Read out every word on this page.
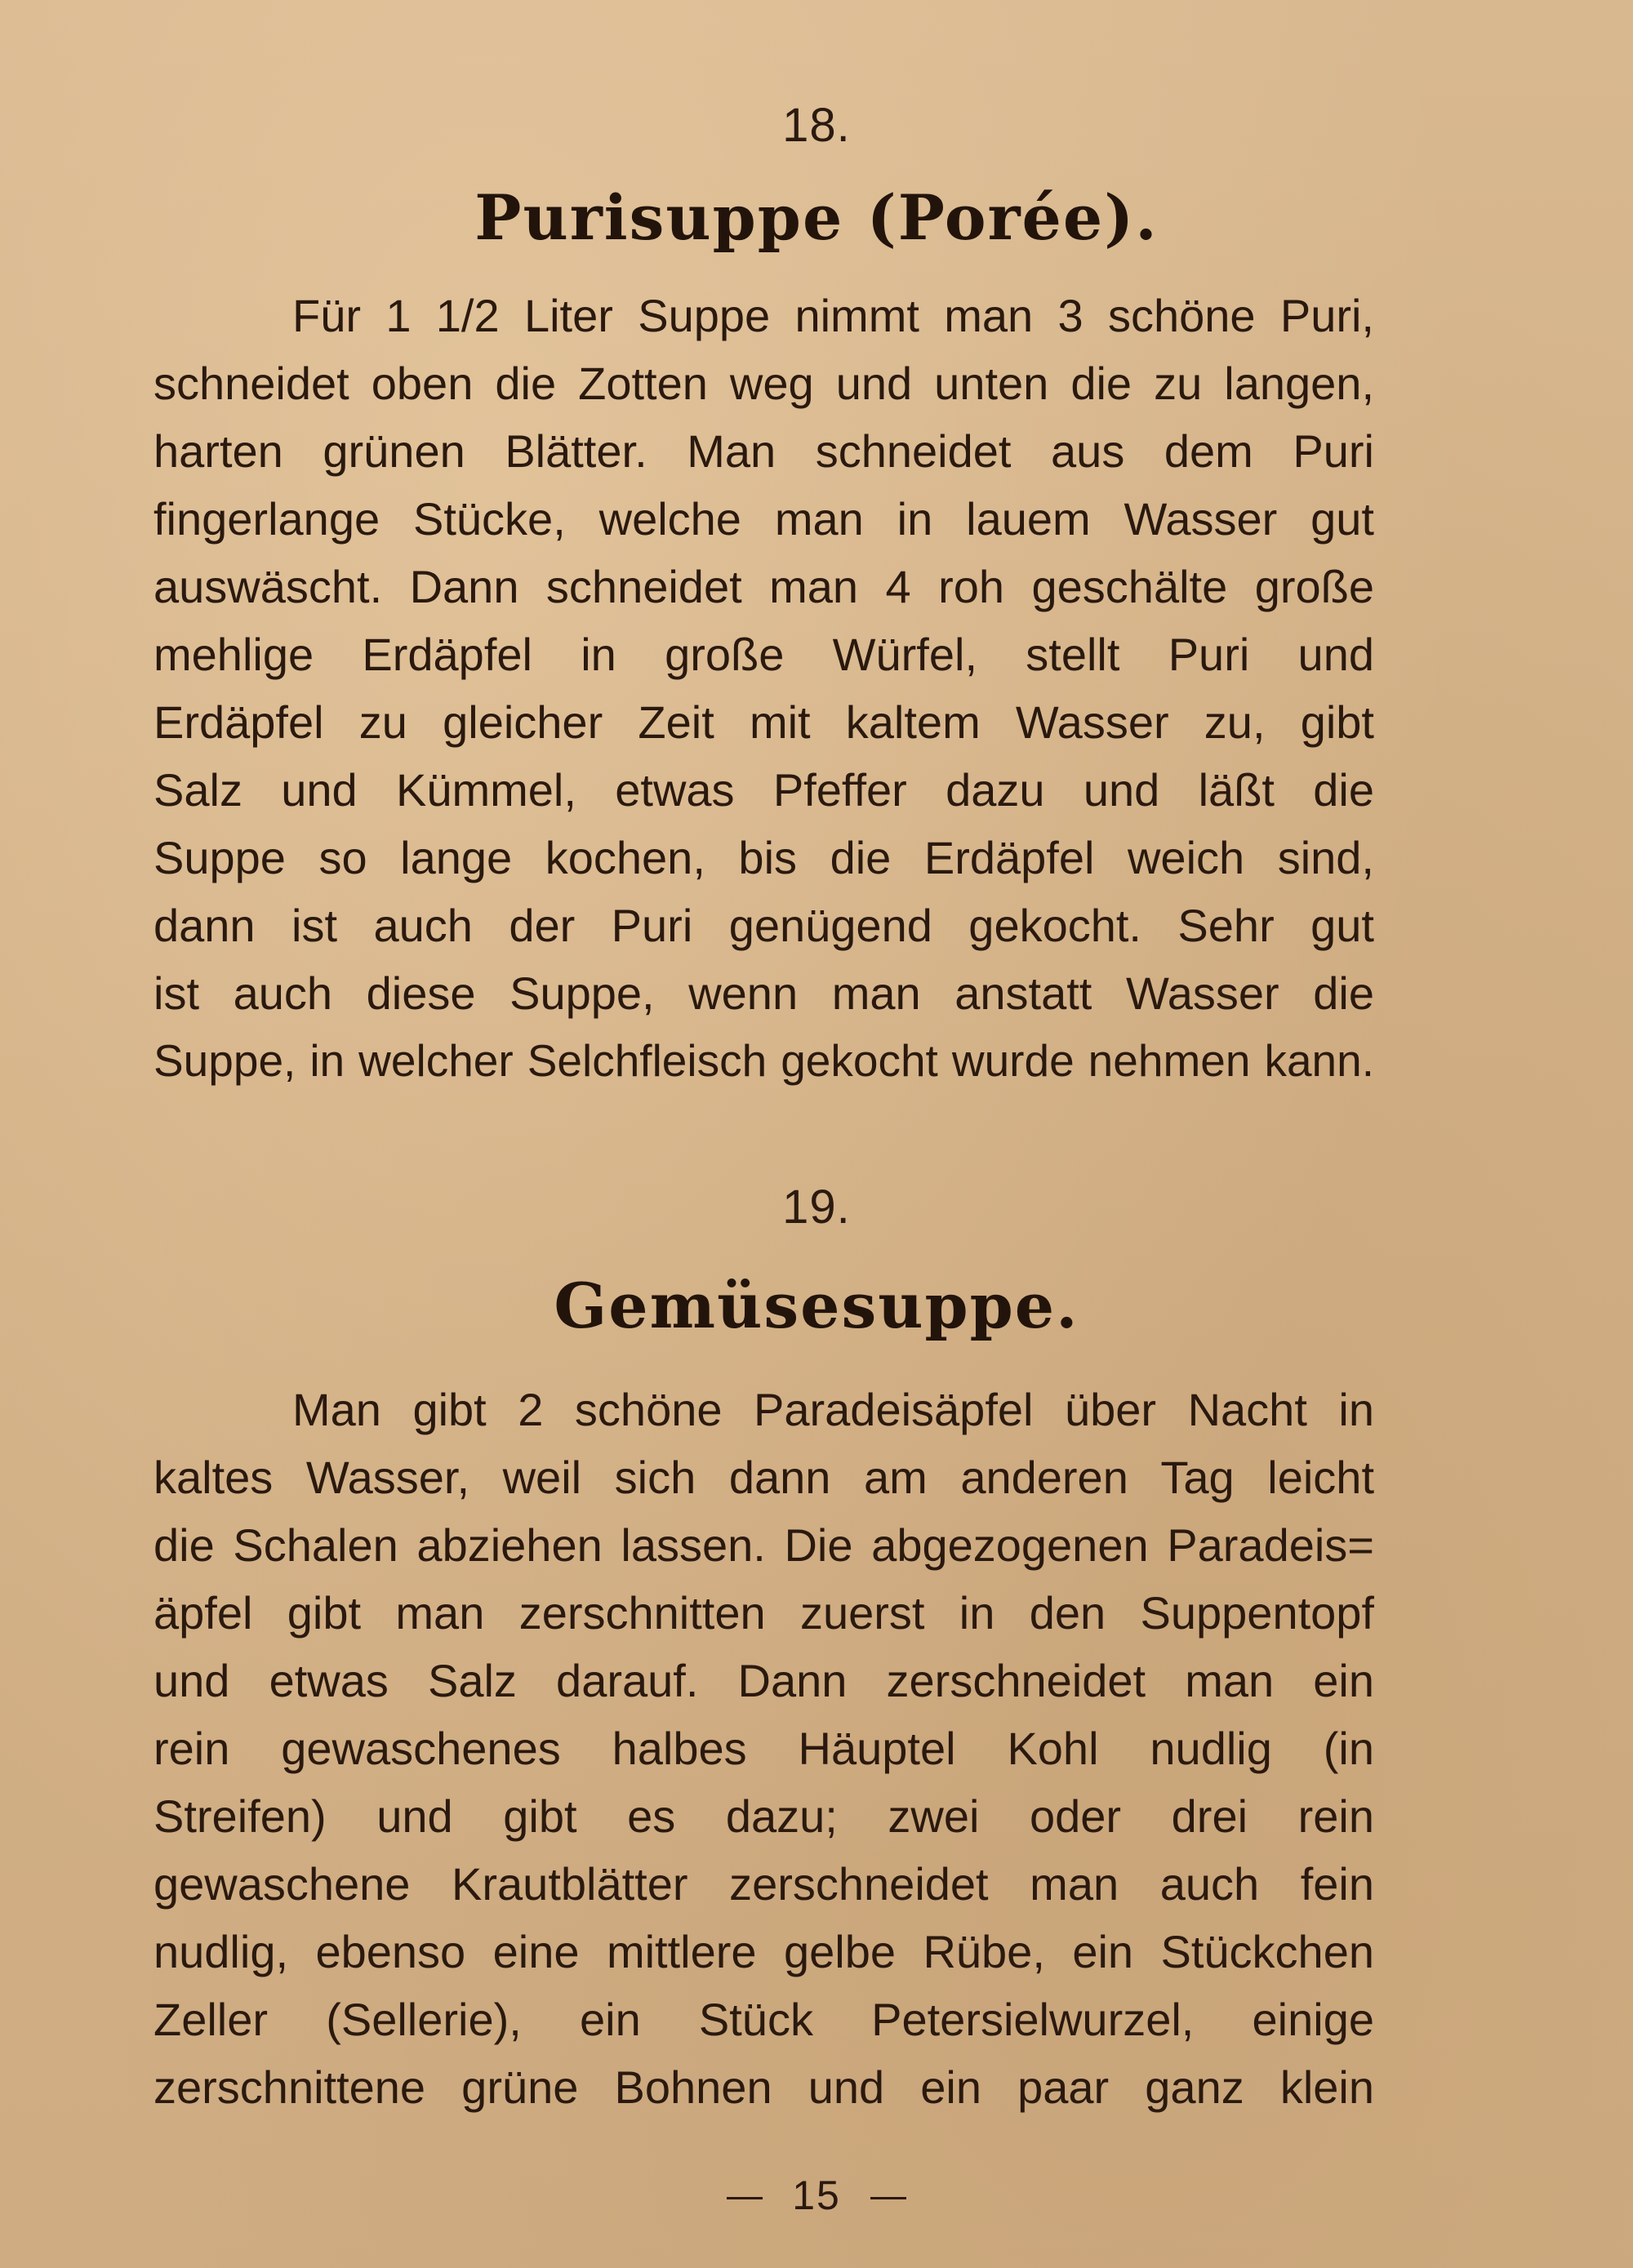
18.
Purisuppe (Porée).
Für 1 1/2 Liter Suppe nimmt man 3 schöne Puri,
schneidet oben die Zotten weg und unten die zu langen,
harten grünen Blätter. Man schneidet aus dem Puri
fingerlange Stücke, welche man in lauem Wasser gut
auswäscht. Dann schneidet man 4 roh geschälte große
mehlige Erdäpfel in große Würfel, stellt Puri und
Erdäpfel zu gleicher Zeit mit kaltem Wasser zu, gibt
Salz und Kümmel, etwas Pfeffer dazu und läßt die
Suppe so lange kochen, bis die Erdäpfel weich sind,
dann ist auch der Puri genügend gekocht. Sehr gut
ist auch diese Suppe, wenn man anstatt Wasser die
Suppe, in welcher Selchfleisch gekocht wurde nehmen kann.
19.
Gemüsesuppe.
Man gibt 2 schöne Paradeisäpfel über Nacht in
kaltes Wasser, weil sich dann am anderen Tag leicht
die Schalen abziehen lassen. Die abgezogenen Paradeis=
äpfel gibt man zerschnitten zuerst in den Suppentopf
und etwas Salz darauf. Dann zerschneidet man ein
rein gewaschenes halbes Häuptel Kohl nudlig (in
Streifen) und gibt es dazu; zwei oder drei rein
gewaschene Krautblätter zerschneidet man auch fein
nudlig, ebenso eine mittlere gelbe Rübe, ein Stückchen
Zeller (Sellerie), ein Stück Petersielwurzel, einige
zerschnittene grüne Bohnen und ein paar ganz klein
15
